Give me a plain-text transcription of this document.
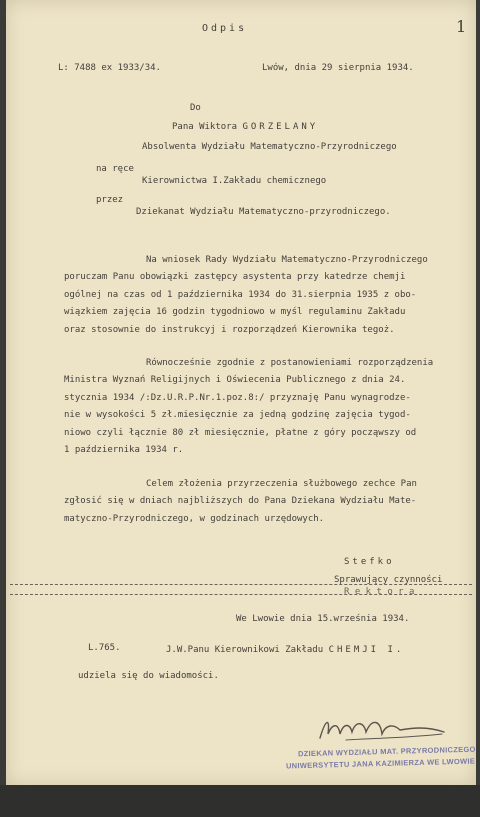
Odpis	1
L: 7488 ex 1933/34.	Lwów, dnia 29 sierpnia 1934.
Do
Pana Wiktora GORZELANY
Absolwenta Wydziału Matematyczno-Przyrodniczego
na ręce
Kierownictwa I.Zakładu chemicznego
przez
Dziekanat Wydziału Matematyczno-przyrodniczego.
Na wniosek Rady Wydziału Matematyczno-Przyrodniczego
poruczam Panu obowiązki zastępcy asystenta przy katedrze chemji
ogólnej na czas od 1 października 1934 do 31.sierpnia 1935 z obo-
wiązkiem zajęcia 16 godzin tygodniowo w myśl regulaminu Zakładu
oraz stosownie do instrukcyj i rozporządzeń Kierownika tegoż.
Równocześnie zgodnie z postanowieniami rozporządzenia
Ministra Wyznań Religijnych i Oświecenia Publicznego z dnia 24.
stycznia 1934 /:Dz.U.R.P.Nr.1.poz.8:/ przyznaję Panu wynagrodze-
nie w wysokości 5 zł.miesięcznie za jedną godzinę zajęcia tygod-
niowo czyli łącznie 80 zł miesięcznie, płatne z góry począwszy od
1 października 1934 r.
Celem złożenia przyrzeczenia służbowego zechce Pan
zgłosić się w dniach najbliższych do Pana Dziekana Wydziału Mate-
matyczno-Przyrodniczego, w godzinach urzędowych.
Stefko
Sprawujący czynności
R e k t o r a
We Lwowie dnia 15.września 1934.
L.765.	J.W.Panu Kierownikowi Zakładu CHEMJI I.
udziela się do wiadomości.
DZIEKAN WYDZIAŁU MAT. PRZYRODNICZEGO
UNIWERSYTETU JANA KAZIMIERZA WE LWOWIE
